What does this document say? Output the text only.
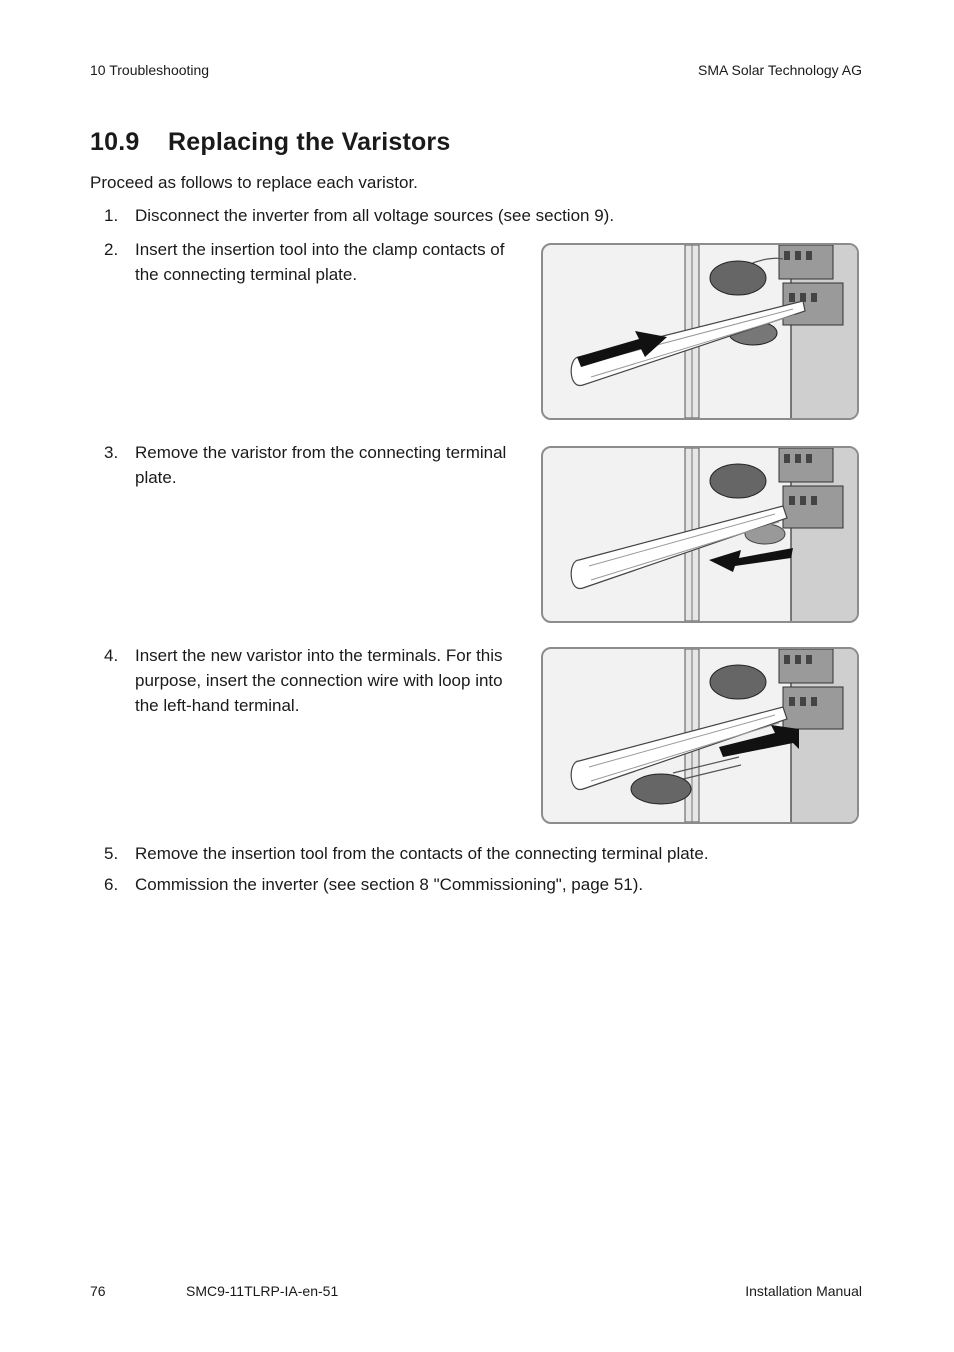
10 Troubleshooting	SMA Solar Technology AG
10.9 Replacing the Varistors
Proceed as follows to replace each varistor.
1. Disconnect the inverter from all voltage sources (see section 9).
2. Insert the insertion tool into the clamp contacts of the connecting terminal plate.
3. Remove the varistor from the connecting terminal plate.
4. Insert the new varistor into the terminals. For this purpose, insert the connection wire with loop into the left-hand terminal.
5. Remove the insertion tool from the contacts of the connecting terminal plate.
6. Commission the inverter (see section 8 "Commissioning", page 51).
76	SMC9-11TLRP-IA-en-51	Installation Manual
